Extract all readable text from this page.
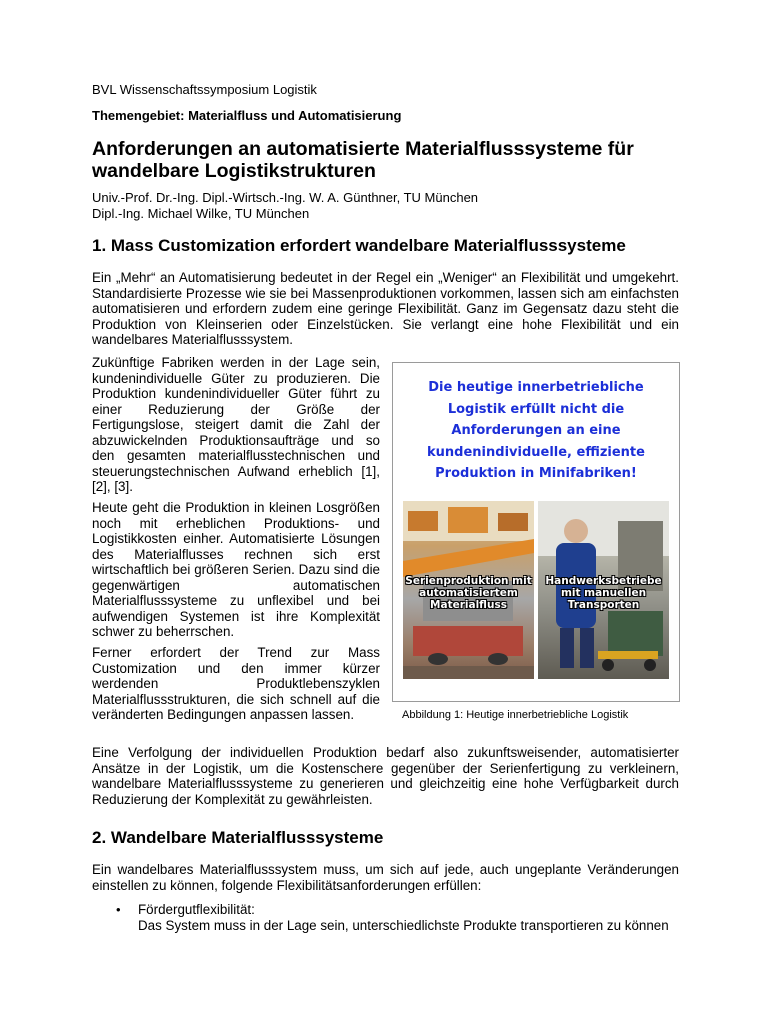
BVL Wissenschaftssymposium Logistik
Themengebiet: Materialfluss und Automatisierung
Anforderungen an automatisierte Materialflusssysteme für wandelbare Logistikstrukturen
Univ.-Prof. Dr.-Ing. Dipl.-Wirtsch.-Ing. W. A. Günthner, TU München
Dipl.-Ing. Michael Wilke, TU München
1. Mass Customization erfordert wandelbare Materialflusssysteme
Ein „Mehr“ an Automatisierung bedeutet in der Regel ein „Weniger“ an Flexibilität und umgekehrt. Standardisierte Prozesse wie sie bei Massenproduktionen vorkommen, lassen sich am einfachsten automatisieren und erfordern zudem eine geringe Flexibilität. Ganz im Gegensatz dazu steht die Produktion von Kleinserien oder Einzelstücken. Sie verlangt eine hohe Flexibilität und ein wandelbares Materialflusssystem.
Zukünftige Fabriken werden in der Lage sein, kundenindividuelle Güter zu produzieren. Die Produktion kundenindividueller Güter führt zu einer Reduzierung der Größe der Fertigungslose, steigert damit die Zahl der abzuwickelnden Produktionsaufträge und so den gesamten materialflusstechnischen und steuerungstechnischen Aufwand erheblich [1], [2], [3].
Heute geht die Produktion in kleinen Losgrößen noch mit erheblichen Produktions- und Logistikkosten einher. Automatisierte Lösungen des Materialflusses rechnen sich erst wirtschaftlich bei größeren Serien. Dazu sind die gegenwärtigen automatischen Materialflusssysteme zu unflexibel und bei aufwendigen Systemen ist ihre Komplexität schwer zu beherrschen.
Ferner erfordert der Trend zur Mass Customization und den immer kürzer werdenden Produktlebenszyklen Materialflussstrukturen, die sich schnell auf die veränderten Bedingungen anpassen lassen.
Die heutige innerbetriebliche
Logistik erfüllt nicht die
Anforderungen an eine
kundenindividuelle, effiziente
Produktion in Minifabriken!
Serienproduktion mit
automatisiertem
Materialfluss
Handwerksbetriebe
mit manuellen
Transporten
Abbildung 1: Heutige innerbetriebliche Logistik
Eine Verfolgung der individuellen Produktion bedarf also zukunftsweisender, automatisierter Ansätze in der Logistik, um die Kostenschere gegenüber der Serienfertigung zu verkleinern, wandelbare Materialflusssysteme zu generieren und gleichzeitig eine hohe Verfügbarkeit durch Reduzierung der Komplexität zu gewährleisten.
2. Wandelbare Materialflusssysteme
Ein wandelbares Materialflusssystem muss, um sich auf jede, auch ungeplante Veränderungen einstellen zu können, folgende Flexibilitätsanforderungen erfüllen:
• Fördergutflexibilität:
Das System muss in der Lage sein, unterschiedlichste Produkte transportieren zu können
